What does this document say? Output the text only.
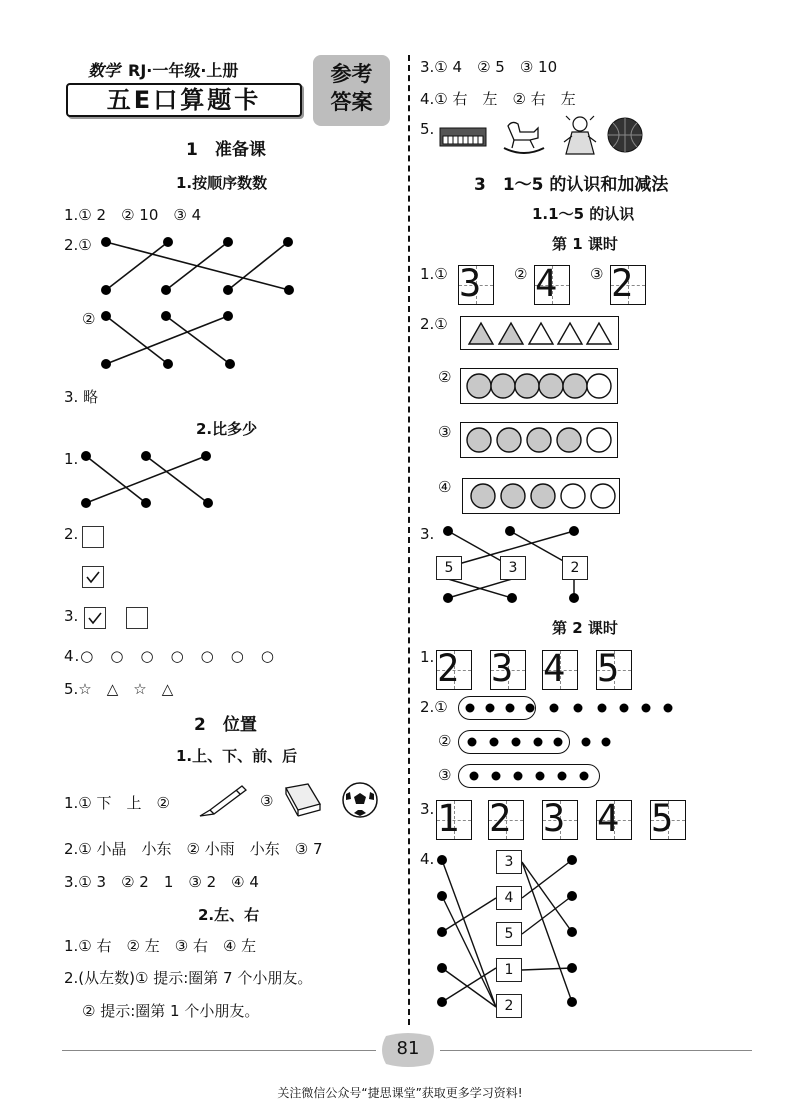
数学 RJ·一年级·上册
五E口算题卡
参考
答案
1　准备课
1.按顺序数数
1.① 2　② 10　③ 4
2.①
②
3. 略
2.比多少
1.
2.
3.
4.○　○　○　○　○　○　○
5.☆　△　☆　△
2　位置
1.上、下、前、后
1.① 下　上　②	③
2.① 小晶　小东　② 小雨　小东　③ 7
3.① 3　② 2　1　③ 2　④ 4
2.左、右
1.① 右　② 左　③ 右　④ 左
2.(从左数)① 提示:圈第 7 个小朋友。
② 提示:圈第 1 个小朋友。
3.① 4　② 5　③ 10
4.① 右　左　② 右　左
5.
3　1～5 的认识和加减法
1.1～5 的认识
第 1 课时
1.① 3 ② 4 ③ 2
2.①
②
③
④
3.
5	3	2
第 2 课时
1. 2 3 4 5
2.①
②
③
3. 1 2 3 4 5
4.	3
4
5
1
2
81
关注微信公众号“捷思课堂”获取更多学习资料!
